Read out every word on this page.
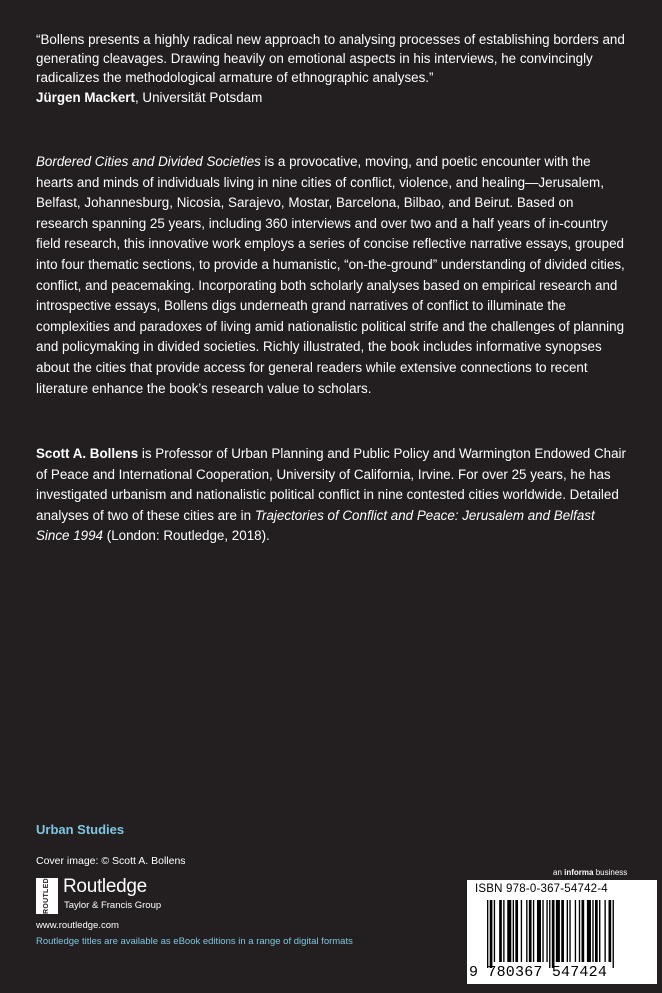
“Bollens presents a highly radical new approach to analysing processes of establishing borders and generating cleavages. Drawing heavily on emotional aspects in his interviews, he convincingly radicalizes the methodological armature of ethnographic analyses.”

Jürgen Mackert, Universität Potsdam

Bordered Cities and Divided Societies is a provocative, moving, and poetic encounter with the hearts and minds of individuals living in nine cities of conflict, violence, and healing—Jerusalem, Belfast, Johannesburg, Nicosia, Sarajevo, Mostar, Barcelona, Bilbao, and Beirut. Based on research spanning 25 years, including 360 interviews and over two and a half years of in-country field research, this innovative work employs a series of concise reflective narrative essays, grouped into four thematic sections, to provide a humanistic, “on-the-ground” understanding of divided cities, conflict, and peacemaking. Incorporating both scholarly analyses based on empirical research and introspective essays, Bollens digs underneath grand narratives of conflict to illuminate the complexities and paradoxes of living amid nationalistic political strife and the challenges of planning and policymaking in divided societies. Richly illustrated, the book includes informative synopses about the cities that provide access for general readers while extensive connections to recent literature enhance the book’s research value to scholars.

Scott A. Bollens is Professor of Urban Planning and Public Policy and Warmington Endowed Chair of Peace and International Cooperation, University of California, Irvine. For over 25 years, he has investigated urbanism and nationalistic political conflict in nine contested cities worldwide. Detailed analyses of two of these cities are in Trajectories of Conflict and Peace: Jerusalem and Belfast Since 1994 (London: Routledge, 2018).

Urban Studies
Cover image: © Scott A. Bollens
ROUTLEDGE Routledge
Taylor & Francis Group
www.routledge.com
Routledge titles are available as eBook editions in a range of digital formats
an informa business
ISBN 978-0-367-54742-4
9 780367 547424
